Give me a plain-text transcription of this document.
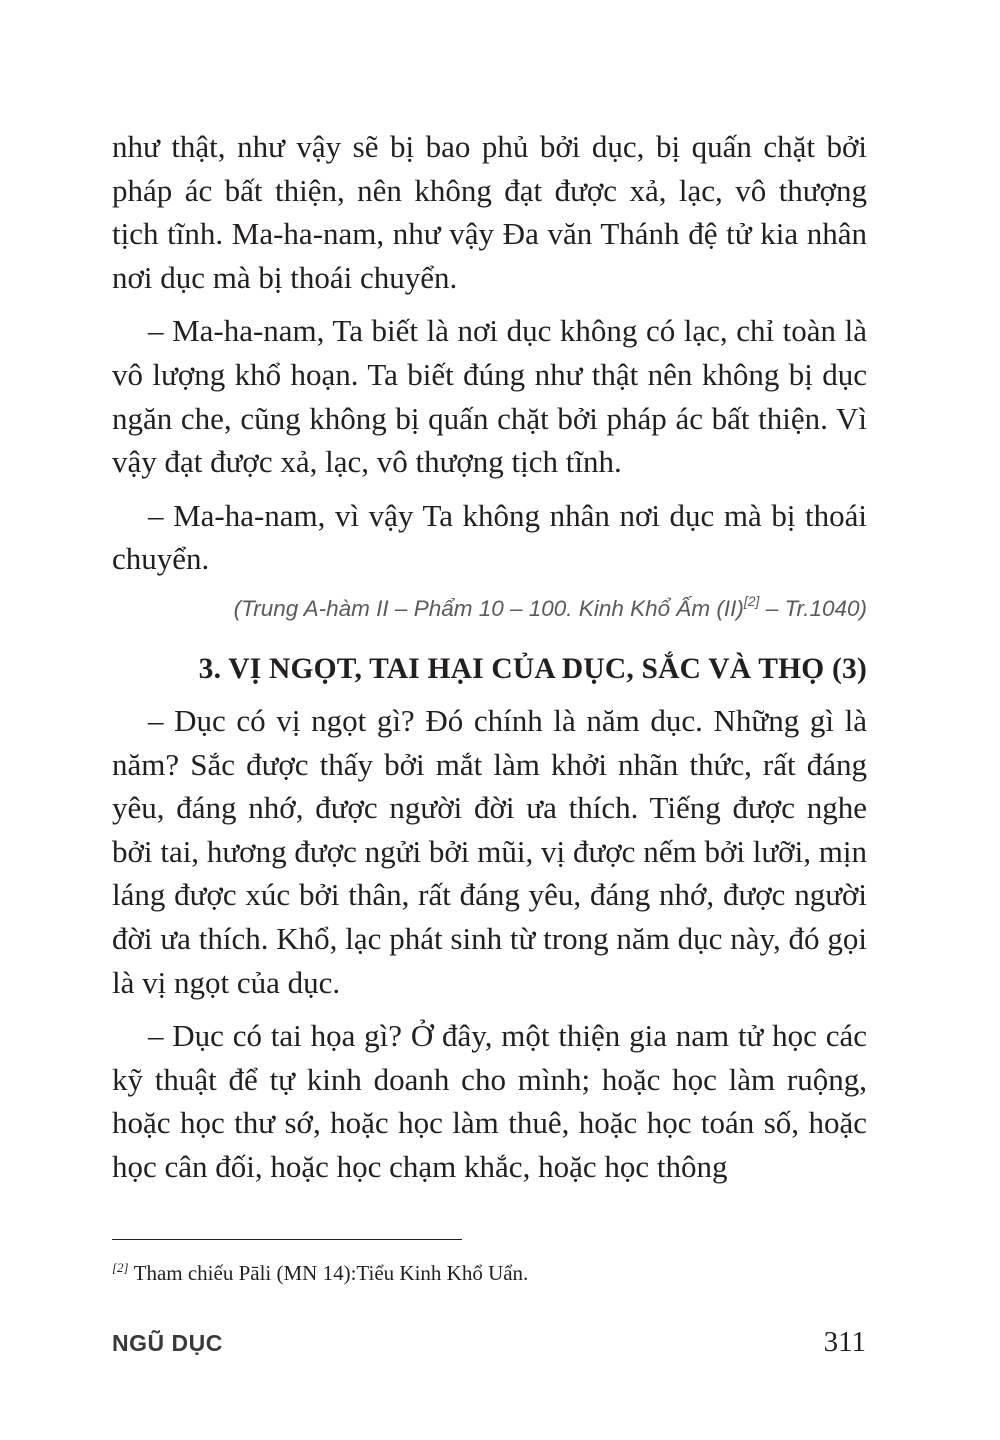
như thật, như vậy sẽ bị bao phủ bởi dục, bị quấn chặt bởi pháp ác bất thiện, nên không đạt được xả, lạc, vô thượng tịch tĩnh. Ma-ha-nam, như vậy Đa văn Thánh đệ tử kia nhân nơi dục mà bị thoái chuyển.

– Ma-ha-nam, Ta biết là nơi dục không có lạc, chỉ toàn là vô lượng khổ hoạn. Ta biết đúng như thật nên không bị dục ngăn che, cũng không bị quấn chặt bởi pháp ác bất thiện. Vì vậy đạt được xả, lạc, vô thượng tịch tĩnh.

– Ma-ha-nam, vì vậy Ta không nhân nơi dục mà bị thoái chuyển.

(Trung A-hàm II – Phẩm 10 – 100. Kinh Khổ Ấm (II)[2] – Tr.1040)

3. VỊ NGỌT, TAI HẠI CỦA DỤC, SẮC VÀ THỌ (3)

– Dục có vị ngọt gì? Đó chính là năm dục. Những gì là năm? Sắc được thấy bởi mắt làm khởi nhãn thức, rất đáng yêu, đáng nhớ, được người đời ưa thích. Tiếng được nghe bởi tai, hương được ngửi bởi mũi, vị được nếm bởi lưỡi, mịn láng được xúc bởi thân, rất đáng yêu, đáng nhớ, được người đời ưa thích. Khổ, lạc phát sinh từ trong năm dục này, đó gọi là vị ngọt của dục.

– Dục có tai họa gì? Ở đây, một thiện gia nam tử học các kỹ thuật để tự kinh doanh cho mình; hoặc học làm ruộng, hoặc học thư sớ, hoặc học làm thuê, hoặc học toán số, hoặc học cân đối, hoặc học chạm khắc, hoặc học thông

[2] Tham chiếu Pāli (MN 14):Tiểu Kinh Khổ Uẩn.
NGŨ DỤC	311
